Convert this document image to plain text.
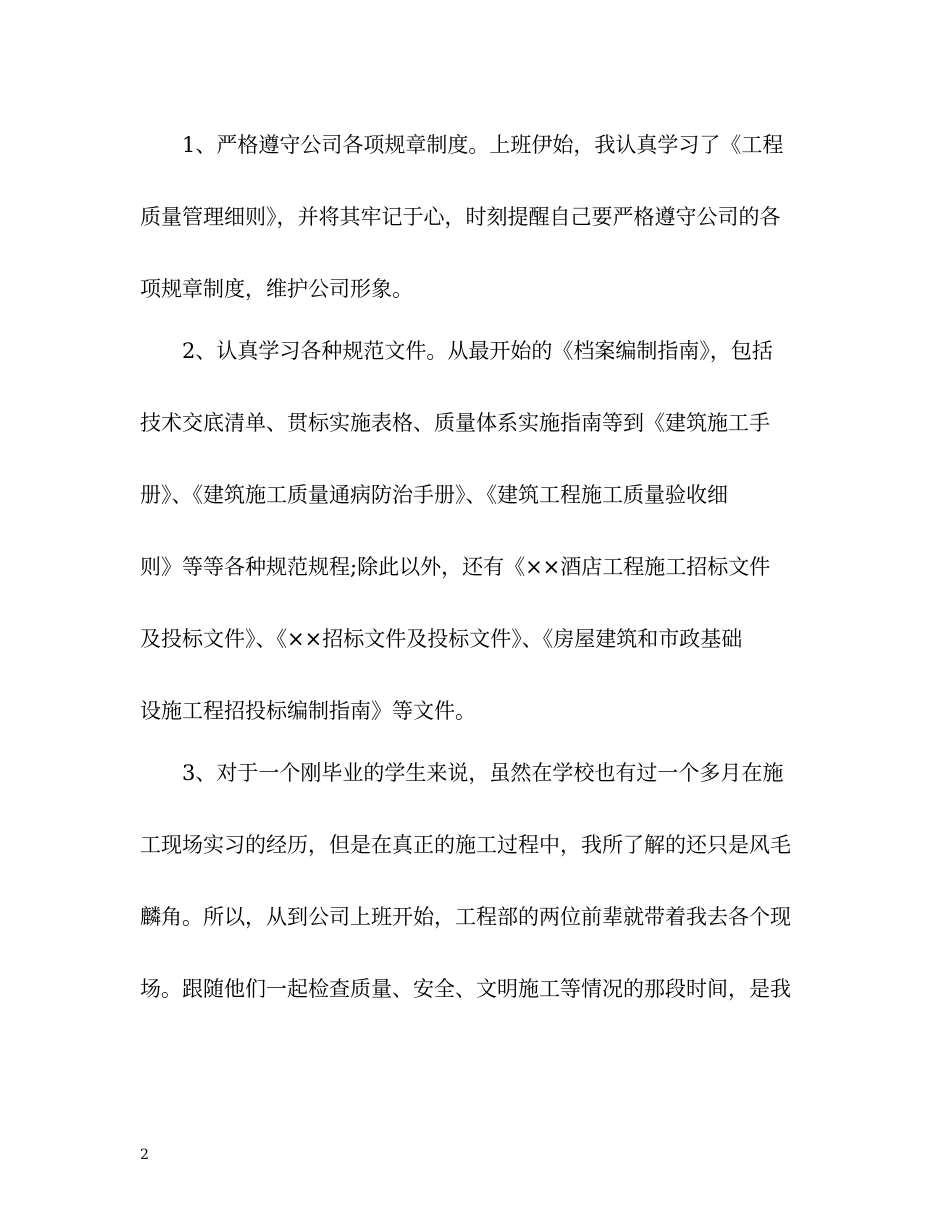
1、严格遵守公司各项规章制度。上班伊始，我认真学习了《工程
质量管理细则》，并将其牢记于心，时刻提醒自己要严格遵守公司的各
项规章制度，维护公司形象。
2、认真学习各种规范文件。从最开始的《档案编制指南》，包括
技术交底清单、贯标实施表格、质量体系实施指南等到《建筑施工手
册》、《建筑施工质量通病防治手册》、《建筑工程施工质量验收细
则》等等各种规范规程;除此以外，还有《××酒店工程施工招标文件
及投标文件》、《××招标文件及投标文件》、《房屋建筑和市政基础
设施工程招投标编制指南》等文件。
3、对于一个刚毕业的学生来说，虽然在学校也有过一个多月在施
工现场实习的经历，但是在真正的施工过程中，我所了解的还只是风毛
麟角。所以，从到公司上班开始，工程部的两位前辈就带着我去各个现
场。跟随他们一起检查质量、安全、文明施工等情况的那段时间，是我
2
